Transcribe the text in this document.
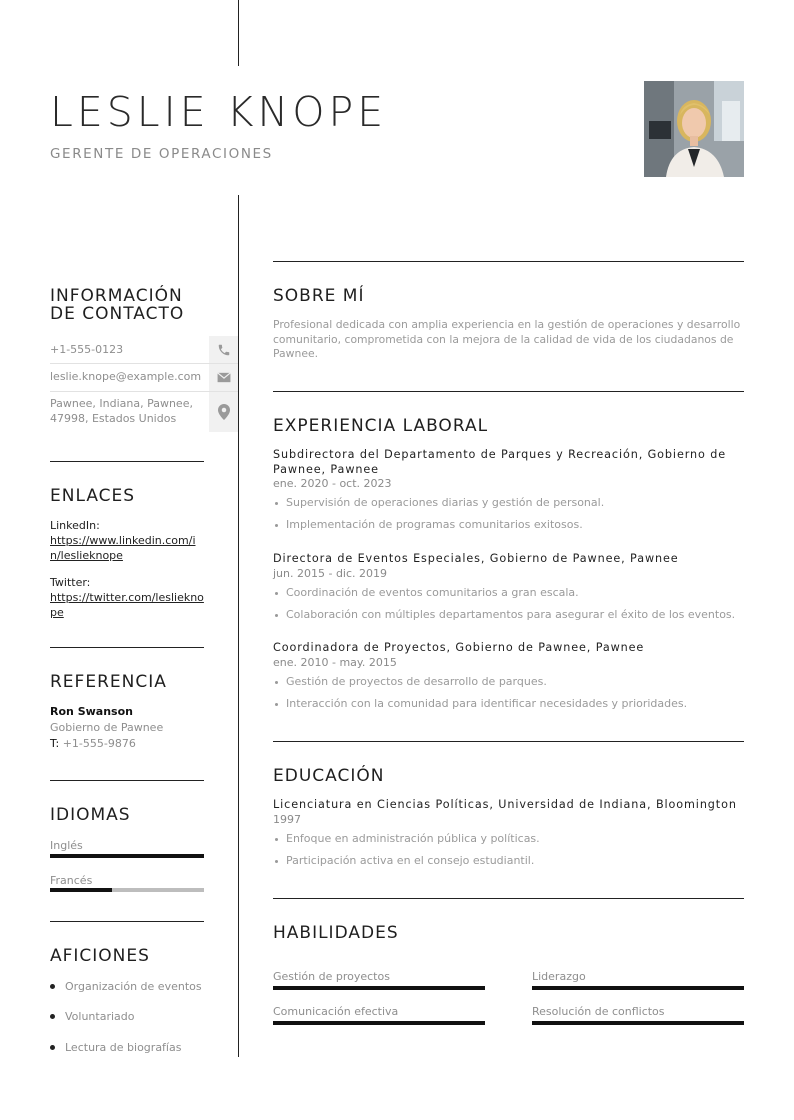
LESLIE KNOPE
GERENTE DE OPERACIONES
INFORMACIÓN
DE CONTACTO
+1-555-0123
leslie.knope@example.com
Pawnee, Indiana, Pawnee,
47998, Estados Unidos
ENLACES
LinkedIn:
https://www.linkedin.com/i
n/leslieknope
Twitter:
https://twitter.com/lesliekno
pe
REFERENCIA
Ron Swanson
Gobierno de Pawnee
T: +1-555-9876
IDIOMAS
Inglés
Francés
AFICIONES
Organización de eventos
Voluntariado
Lectura de biografías
SOBRE MÍ
Profesional dedicada con amplia experiencia en la gestión de operaciones y desarrollo comunitario, comprometida con la mejora de la calidad de vida de los ciudadanos de Pawnee.
EXPERIENCIA LABORAL
Subdirectora del Departamento de Parques y Recreación, Gobierno de Pawnee, Pawnee
ene. 2020 - oct. 2023
Supervisión de operaciones diarias y gestión de personal.
Implementación de programas comunitarios exitosos.
Directora de Eventos Especiales, Gobierno de Pawnee, Pawnee
jun. 2015 - dic. 2019
Coordinación de eventos comunitarios a gran escala.
Colaboración con múltiples departamentos para asegurar el éxito de los eventos.
Coordinadora de Proyectos, Gobierno de Pawnee, Pawnee
ene. 2010 - may. 2015
Gestión de proyectos de desarrollo de parques.
Interacción con la comunidad para identificar necesidades y prioridades.
EDUCACIÓN
Licenciatura en Ciencias Políticas, Universidad de Indiana, Bloomington
1997
Enfoque en administración pública y políticas.
Participación activa en el consejo estudiantil.
HABILIDADES
Gestión de proyectos	Liderazgo
Comunicación efectiva	Resolución de conflictos
